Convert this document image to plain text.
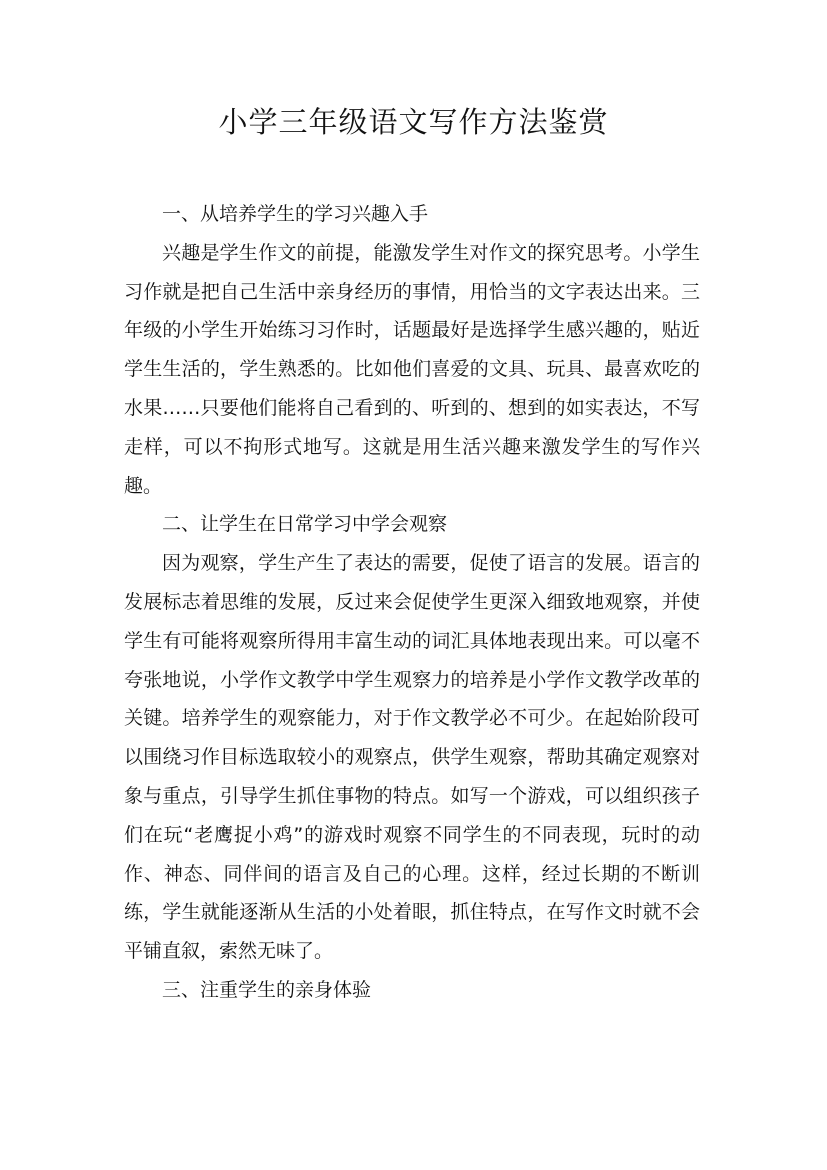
小学三年级语文写作方法鉴赏

一、从培养学生的学习兴趣入手

兴趣是学生作文的前提，能激发学生对作文的探究思考。小学生习作就是把自己生活中亲身经历的事情，用恰当的文字表达出来。三年级的小学生开始练习习作时，话题最好是选择学生感兴趣的，贴近学生生活的，学生熟悉的。比如他们喜爱的文具、玩具、最喜欢吃的水果……只要他们能将自己看到的、听到的、想到的如实表达，不写走样，可以不拘形式地写。这就是用生活兴趣来激发学生的写作兴趣。

二、让学生在日常学习中学会观察

因为观察，学生产生了表达的需要，促使了语言的发展。语言的发展标志着思维的发展，反过来会促使学生更深入细致地观察，并使学生有可能将观察所得用丰富生动的词汇具体地表现出来。可以毫不夸张地说，小学作文教学中学生观察力的培养是小学作文教学改革的关键。培养学生的观察能力，对于作文教学必不可少。在起始阶段可以围绕习作目标选取较小的观察点，供学生观察，帮助其确定观察对象与重点，引导学生抓住事物的特点。如写一个游戏，可以组织孩子们在玩“老鹰捉小鸡”的游戏时观察不同学生的不同表现，玩时的动作、神态、同伴间的语言及自己的心理。这样，经过长期的不断训练，学生就能逐渐从生活的小处着眼，抓住特点，在写作文时就不会平铺直叙，索然无味了。

三、注重学生的亲身体验
